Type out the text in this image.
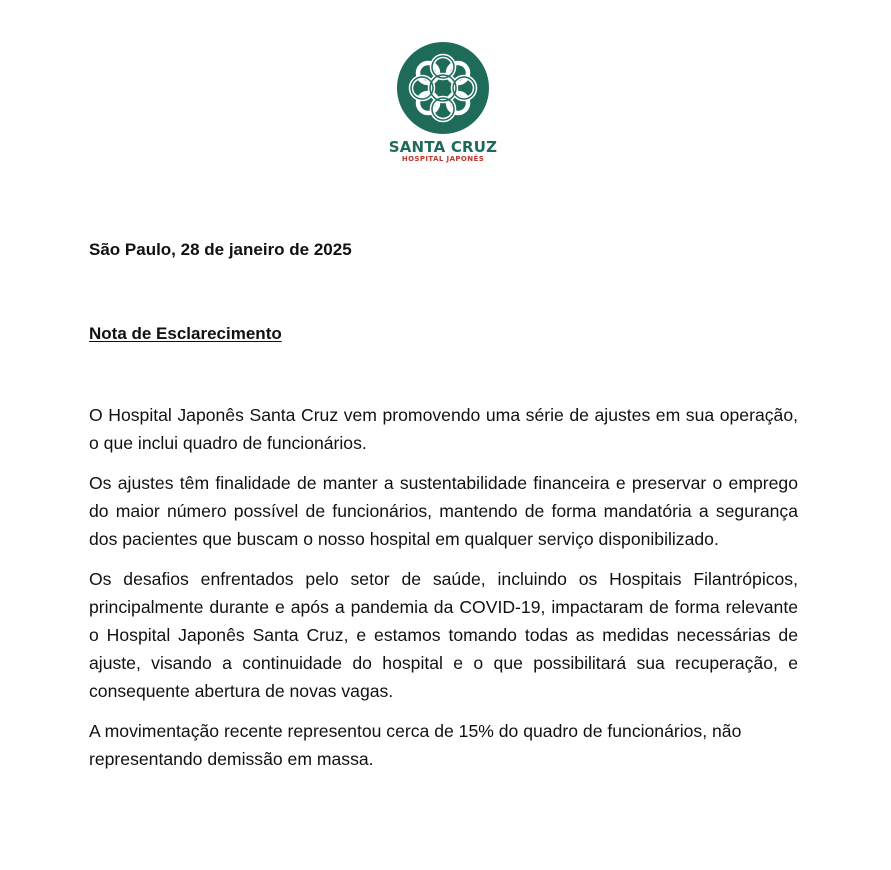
SANTA CRUZ
HOSPITAL JAPONÊS
São Paulo, 28 de janeiro de 2025
Nota de Esclarecimento

O Hospital Japonês Santa Cruz vem promovendo uma série de ajustes em sua operação, o que inclui quadro de funcionários.

Os ajustes têm finalidade de manter a sustentabilidade financeira e preservar o emprego do maior número possível de funcionários, mantendo de forma mandatória a segurança dos pacientes que buscam o nosso hospital em qualquer serviço disponibilizado.

Os desafios enfrentados pelo setor de saúde, incluindo os Hospitais Filantrópicos, principalmente durante e após a pandemia da COVID-19, impactaram de forma relevante o Hospital Japonês Santa Cruz, e estamos tomando todas as medidas necessárias de ajuste, visando a continuidade do hospital e o que possibilitará sua recuperação, e consequente abertura de novas vagas.

A movimentação recente representou cerca de 15% do quadro de funcionários, não representando demissão em massa.
